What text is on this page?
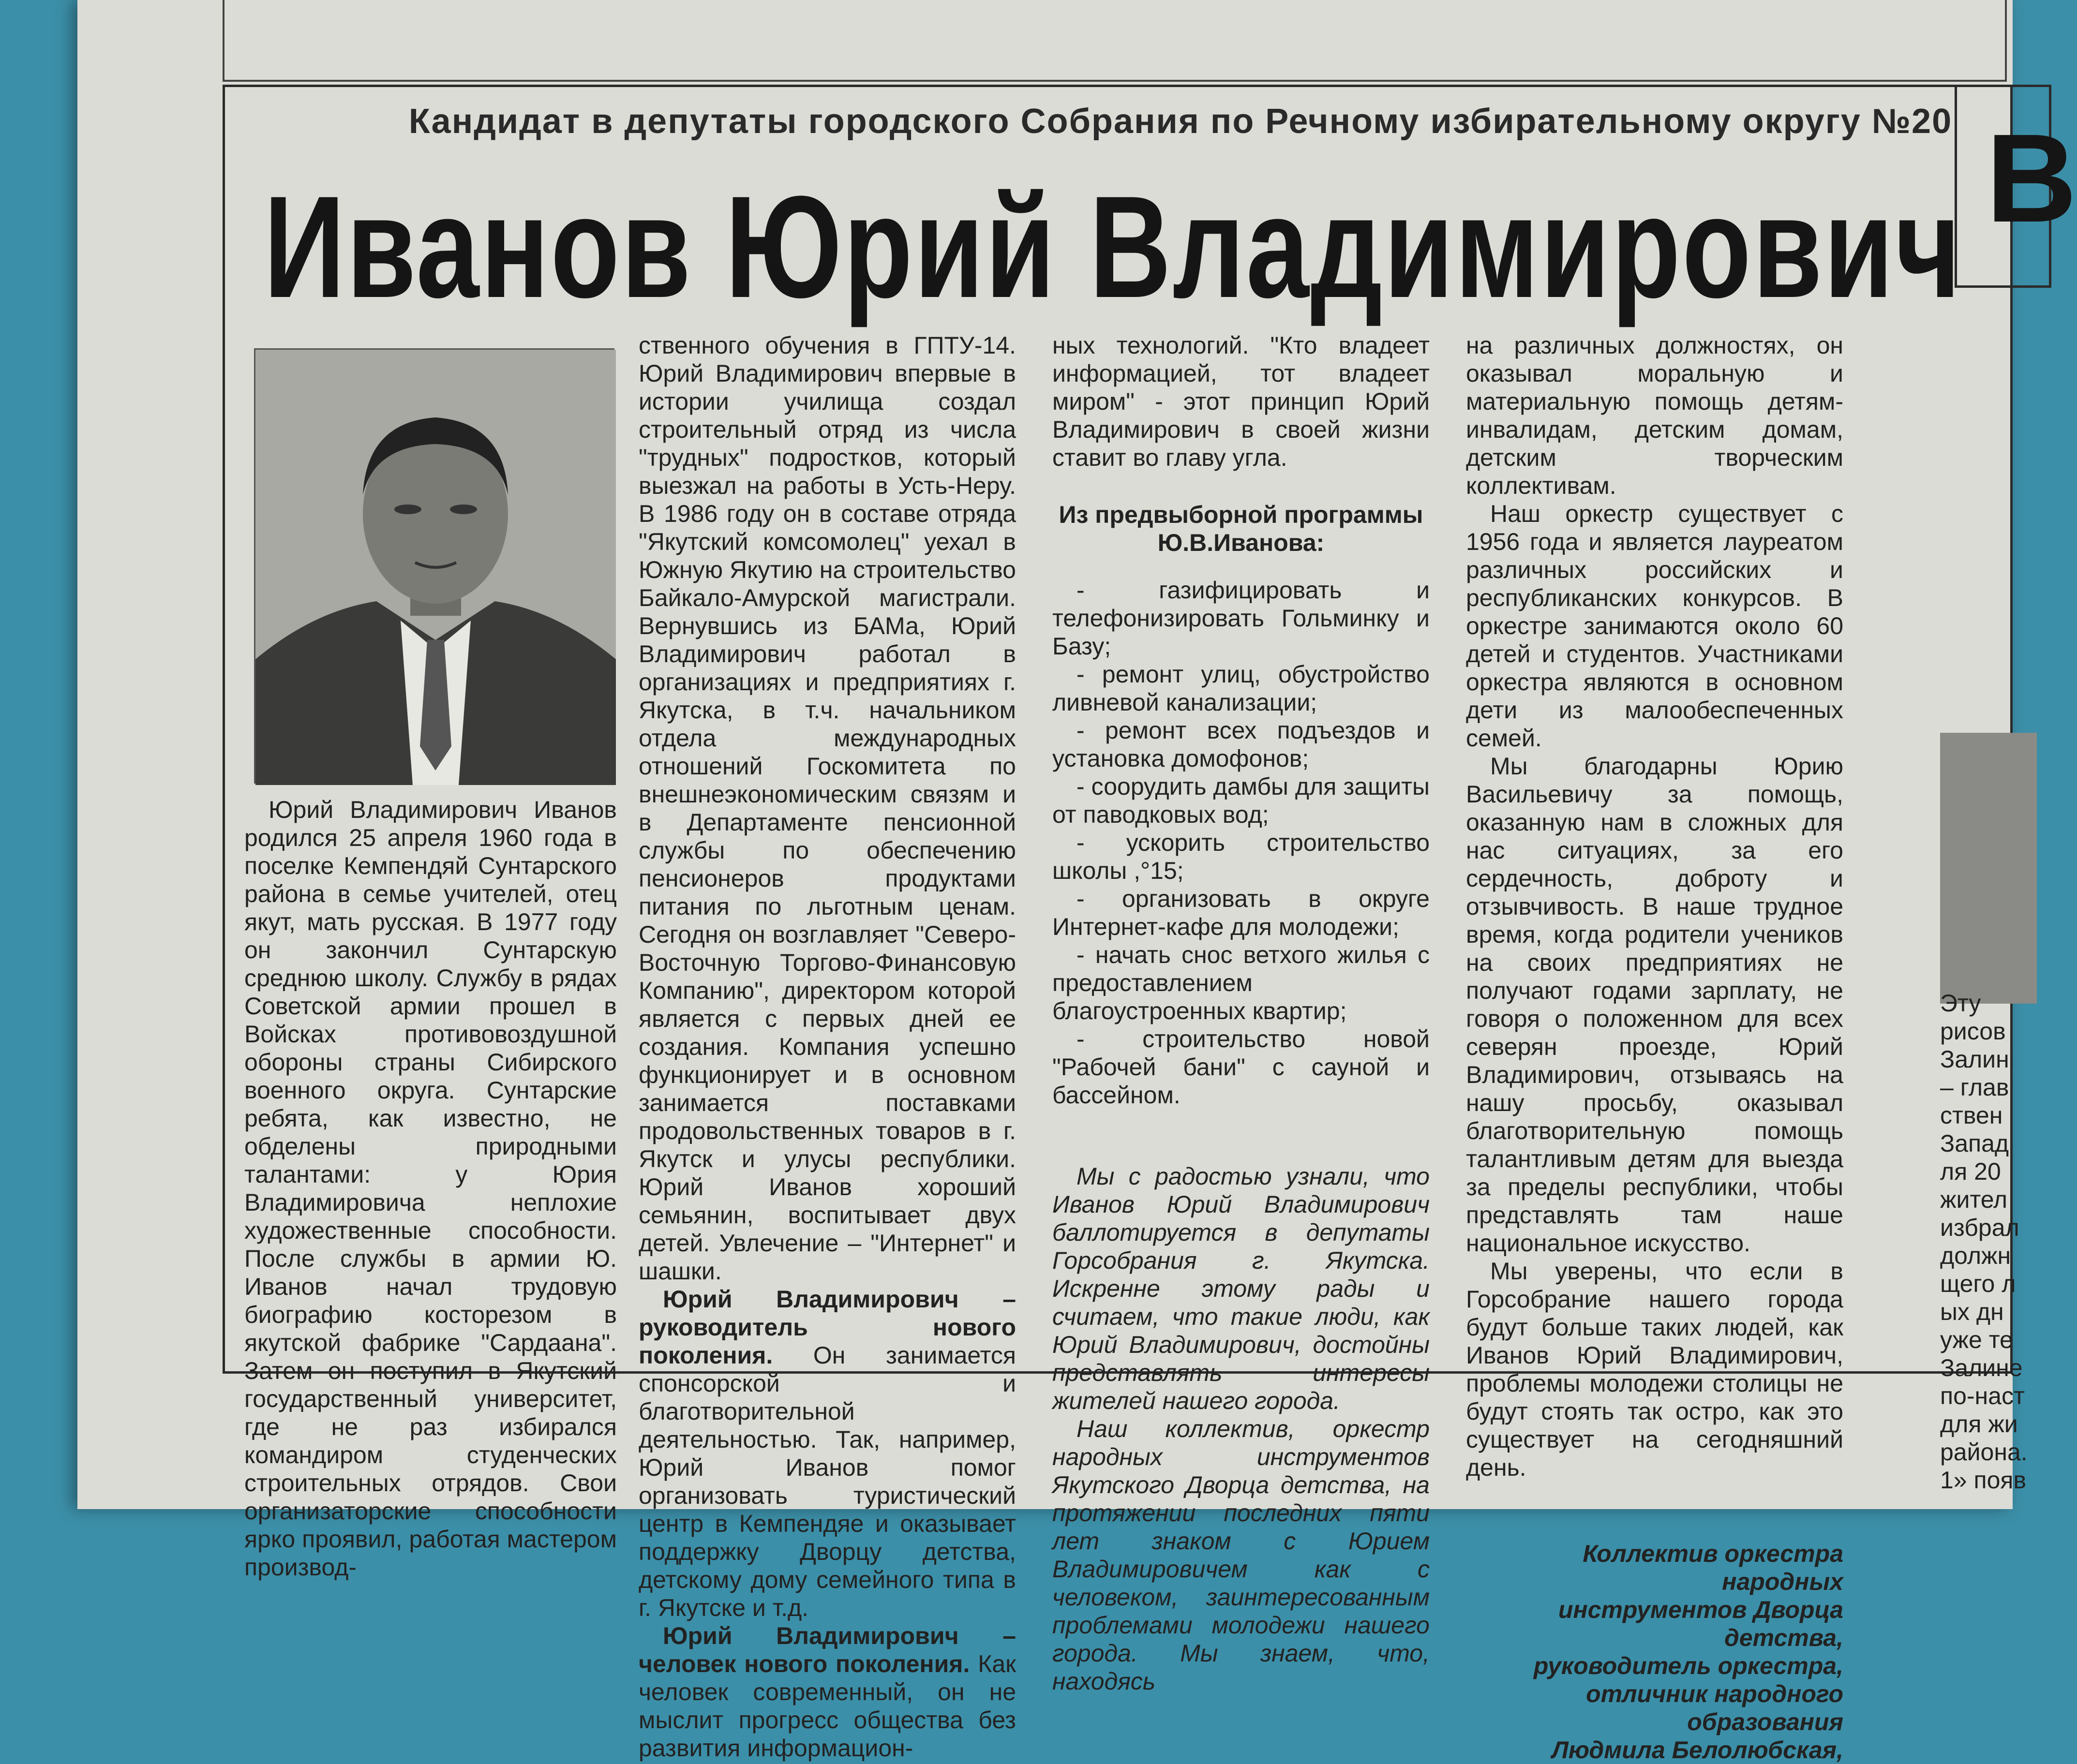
Кандидат в депутаты городского Собрания по Речному избирательному округу №20
Иванов Юрий Владимирович

Юрий Владимирович Иванов родился 25 апреля 1960 года в поселке Кемпендяй Сунтарского района в семье учителей, отец якут, мать русская. В 1977 году он закончил Сунтарскую среднюю школу. Службу в рядах Советской армии прошел в Войсках противовоздушной обороны страны Сибирского военного округа. Сунтарские ребята, как известно, не обделены природными талантами: у Юрия Владимировича неплохие художественные способности. После службы в армии Ю. Иванов начал трудовую биографию косторезом в якутской фабрике "Сардаана". Затем он поступил в Якутский государственный университет, где не раз избирался командиром студенческих строительных отрядов. Свои организаторские способности ярко проявил, работая мастером производ-

ственного обучения в ГПТУ-14. Юрий Владимирович впервые в истории училища создал строительный отряд из числа "трудных" подростков, который выезжал на работы в Усть-Неру. В 1986 году он в составе отряда "Якутский комсомолец" уехал в Южную Якутию на строительство Байкало-Амурской магистрали. Вернувшись из БАМа, Юрий Владимирович работал в организациях и предприятиях г. Якутска, в т.ч. начальником отдела международных отношений Госкомитета по внешнеэкономическим связям и в Департаменте пенсионной службы по обеспечению пенсионеров продуктами питания по льготным ценам. Сегодня он возглавляет "Северо-Восточную Торгово-Финансовую Компанию", директором которой является с первых дней ее создания. Компания успешно функционирует и в основном занимается поставками продовольственных товаров в г. Якутск и улусы республики. Юрий Иванов хороший семьянин, воспитывает двух детей. Увлечение – "Интернет" и шашки.

Юрий Владимирович – руководитель нового поколения. Он занимается спонсорской и благотворительной деятельностью. Так, например, Юрий Иванов помог организовать туристический центр в Кемпендяе и оказывает поддержку Дворцу детства, детскому дому семейного типа в г. Якутске и т.д.

Юрий Владимирович – человек нового поколения. Как человек современный, он не мыслит прогресс общества без развития информацион-

ных технологий. "Кто владеет информацией, тот владеет миром" - этот принцип Юрий Владимирович в своей жизни ставит во главу угла.

Из предвыборной программы Ю.В.Иванова:

- газифицировать и телефонизировать Гольминку и Базу;

- ремонт улиц, обустройство ливневой канализации;

- ремонт всех подъездов и установка домофонов;

- соорудить дамбы для защиты от паводковых вод;

- ускорить строительство школы ,°15;

- организовать в округе Интернет-кафе для молодежи;

- начать снос ветхого жилья с предоставлением благоустроенных квартир;

- строительство новой "Рабочей бани" с сауной и бассейном.

Мы с радостью узнали, что Иванов Юрий Владимирович баллотируется в депутаты Горсобрания г. Якутска. Искренне этому рады и считаем, что такие люди, как Юрий Владимирович, достойны представлять интересы жителей нашего города.

Наш коллектив, оркестр народных инструментов Якутского Дворца детства, на протяжении последних пяти лет знаком с Юрием Владимировичем как с человеком, заинтересованным проблемами молодежи нашего города. Мы знаем, что, находясь

на различных должностях, он оказывал моральную и материальную помощь детям-инвалидам, детским домам, детским творческим коллективам.

Наш оркестр существует с 1956 года и является лауреатом различных российских и республиканских конкурсов. В оркестре занимаются около 60 детей и студентов. Участниками оркестра являются в основном дети из малообеспеченных семей.

Мы благодарны Юрию Васильевичу за помощь, оказанную нам в сложных для нас ситуациях, за его сердечность, доброту и отзывчивость. В наше трудное время, когда родители учеников на своих предприятиях не получают годами зарплату, не говоря о положенном для всех северян проезде, Юрий Владимирович, отзываясь на нашу просьбу, оказывал благотворительную помощь талантливым детям для выезда за пределы республики, чтобы представлять там наше национальное искусство.

Мы уверены, что если в Горсобрание нашего города будут больше таких людей, как Иванов Юрий Владимирович, проблемы молодежи столицы не будут стоять так остро, как это существует на сегодняшний день.

Коллектив оркестра народных

инструментов Дворца детства,

руководитель оркестра,

отличник народного образования

Людмила Белолюбская,

В
Эту
рисов
Залин
– глав
ствен
Запад
ля 20
жител
избрал
должн
щего л
ых дн
уже те
Залине
по-наст
для жи
района.
1» появ
